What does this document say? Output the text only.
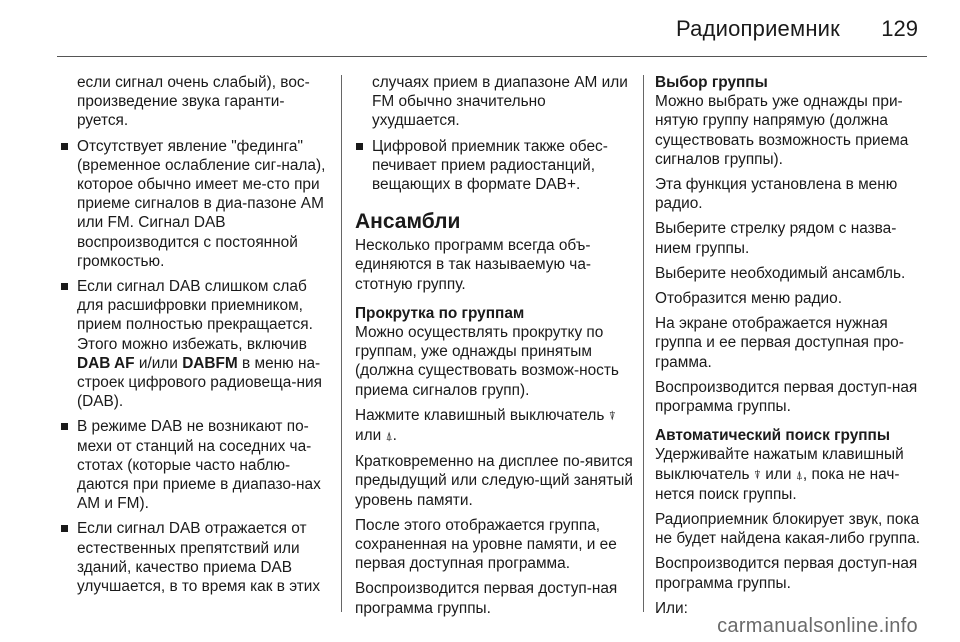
Радиоприемник 129

если сигнал очень слабый), вос-произведение звука гаранти-руется.

Отсутствует явление "фединга" (временное ослабление сиг-нала), которое обычно имеет ме-сто при приеме сигналов в диа-пазоне AM или FM. Сигнал DAB воспроизводится с постоянной громкостью.
Если сигнал DAB слишком слаб для расшифровки приемником, прием полностью прекращается. Этого можно избежать, включив DAB AF и/или DABFM в меню на-строек цифрового радиовеща-ния (DAB).
В режиме DAB не возникают по-мехи от станций на соседних ча-стотах (которые часто наблю-даются при приеме в диапазо-нах AM и FM).
Если сигнал DAB отражается от естественных препятствий или зданий, качество приема DAB улучшается, в то время как в этих

случаях прием в диапазоне AM или FM обычно значительно ухудшается.

Цифровой приемник также обес-печивает прием радиостанций, вещающих в формате DAB+.
Ансамбли

Несколько программ всегда объ-единяются в так называемую ча-стотную группу.

Прокрутка по группам

Можно осуществлять прокрутку по группам, уже однажды принятым (должна существовать возмож-ность приема сигналов групп).

Нажмите клавишный выключатель ⍒ или ⍋.

Кратковременно на дисплее по-явится предыдущий или следую-щий занятый уровень памяти.

После этого отображается группа, сохраненная на уровне памяти, и ее первая доступная программа.

Воспроизводится первая доступ-ная программа группы.

Выбор группы

Можно выбрать уже однажды при-нятую группу напрямую (должна существовать возможность приема сигналов группы).

Эта функция установлена в меню радио.

Выберите стрелку рядом с назва-нием группы.

Выберите необходимый ансамбль.

Отобразится меню радио.

На экране отображается нужная группа и ее первая доступная про-грамма.

Воспроизводится первая доступ-ная программа группы.

Автоматический поиск группы

Удерживайте нажатым клавишный выключатель ⍒ или ⍋, пока не нач-нется поиск группы.

Радиоприемник блокирует звук, пока не будет найдена какая-либо группа.

Воспроизводится первая доступ-ная программа группы.

Или:

carmanualsonline.info
